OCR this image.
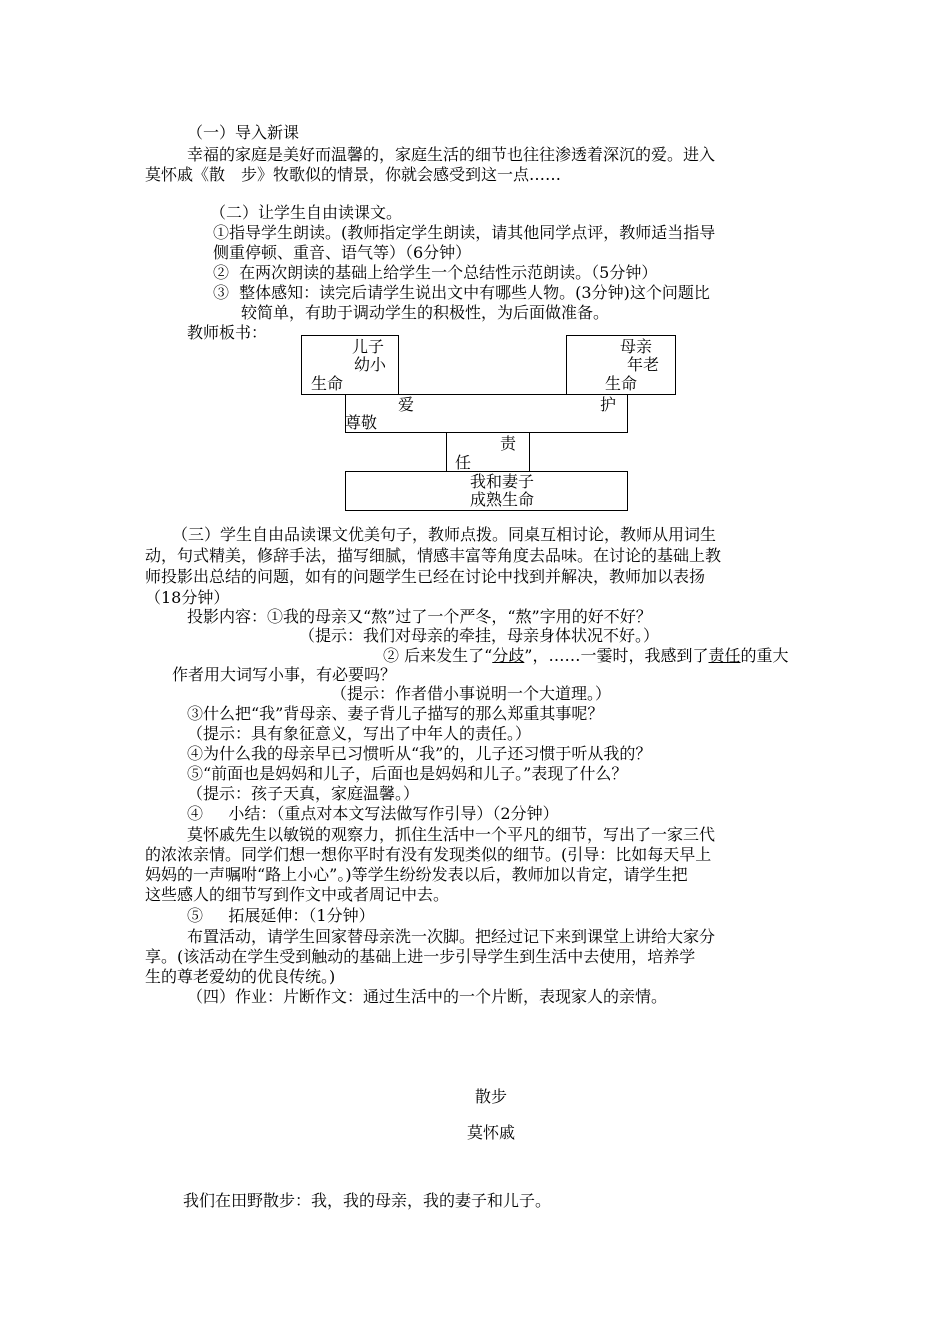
（一）导入新课
幸福的家庭是美好而温馨的，家庭生活的细节也往往渗透着深沉的爱。进入
莫怀戚《散　步》牧歌似的情景，你就会感受到这一点……
（二）让学生自由读课文。
①指导学生朗读。(教师指定学生朗读，请其他同学点评，教师适当指导
侧重停顿、重音、语气等）（6分钟）
②  在两次朗读的基础上给学生一个总结性示范朗读。（5分钟）
③  整体感知：读完后请学生说出文中有哪些人物。(3分钟)这个问题比
较简单，有助于调动学生的积极性，为后面做准备。
教师板书：
儿子
幼小
生命
母亲
年老
生命
爱
尊敬
护
责
任
我和妻子
成熟生命
（三）学生自由品读课文优美句子，教师点拨。同桌互相讨论，教师从用词生
动，句式精美，修辞手法，描写细腻，情感丰富等角度去品味。在讨论的基础上教
师投影出总结的问题，如有的问题学生已经在讨论中找到并解决，教师加以表扬
（18分钟）
投影内容：①我的母亲又“熬”过了一个严冬，“熬”字用的好不好？
（提示：我们对母亲的牵挂，母亲身体状况不好。）
② 后来发生了“分歧”，……一霎时，我感到了责任的重大
作者用大词写小事，有必要吗？
（提示：作者借小事说明一个大道理。）
③什么把“我”背母亲、妻子背儿子描写的那么郑重其事呢？
（提示：具有象征意义，写出了中年人的责任。）
④为什么我的母亲早已习惯听从“我”的，儿子还习惯于听从我的？
⑤“前面也是妈妈和儿子，后面也是妈妈和儿子。”表现了什么？
（提示：孩子天真，家庭温馨。）
④     小结：（重点对本文写法做写作引导）（2分钟）
莫怀戚先生以敏锐的观察力，抓住生活中一个平凡的细节，写出了一家三代
的浓浓亲情。同学们想一想你平时有没有发现类似的细节。(引导：比如每天早上
妈妈的一声嘱咐“路上小心”。)等学生纷纷发表以后，教师加以肯定，请学生把
这些感人的细节写到作文中或者周记中去。
⑤     拓展延伸：（1分钟）
布置活动，请学生回家替母亲洗一次脚。把经过记下来到课堂上讲给大家分
享。(该活动在学生受到触动的基础上进一步引导学生到生活中去使用，培养学
生的尊老爱幼的优良传统。)
（四）作业：片断作文：通过生活中的一个片断，表现家人的亲情。
散步
莫怀戚
我们在田野散步：我，我的母亲，我的妻子和儿子。
